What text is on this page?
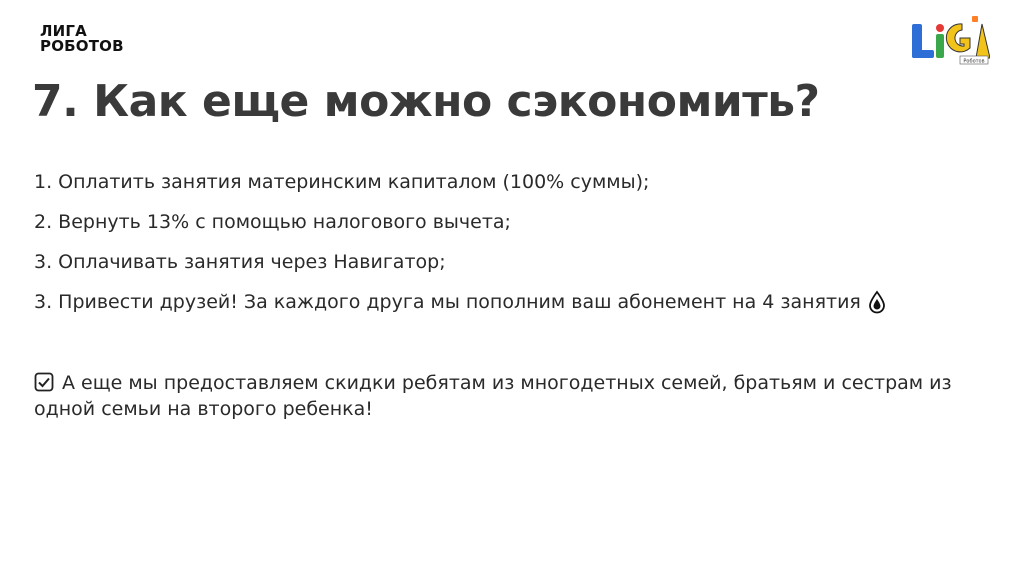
ЛИГА
РОБОТОВ
Роботов
7. Как еще можно сэкономить?
1. Оплатить занятия материнским капиталом (100% суммы);
2. Вернуть 13% с помощью налогового вычета;
3. Оплачивать занятия через Навигатор;
3. Привести друзей! За каждого друга мы пополним ваш абонемент на 4 занятия
А еще мы предоставляем скидки ребятам из многодетных семей, братьям и сестрам из одной семьи на второго ребенка!
